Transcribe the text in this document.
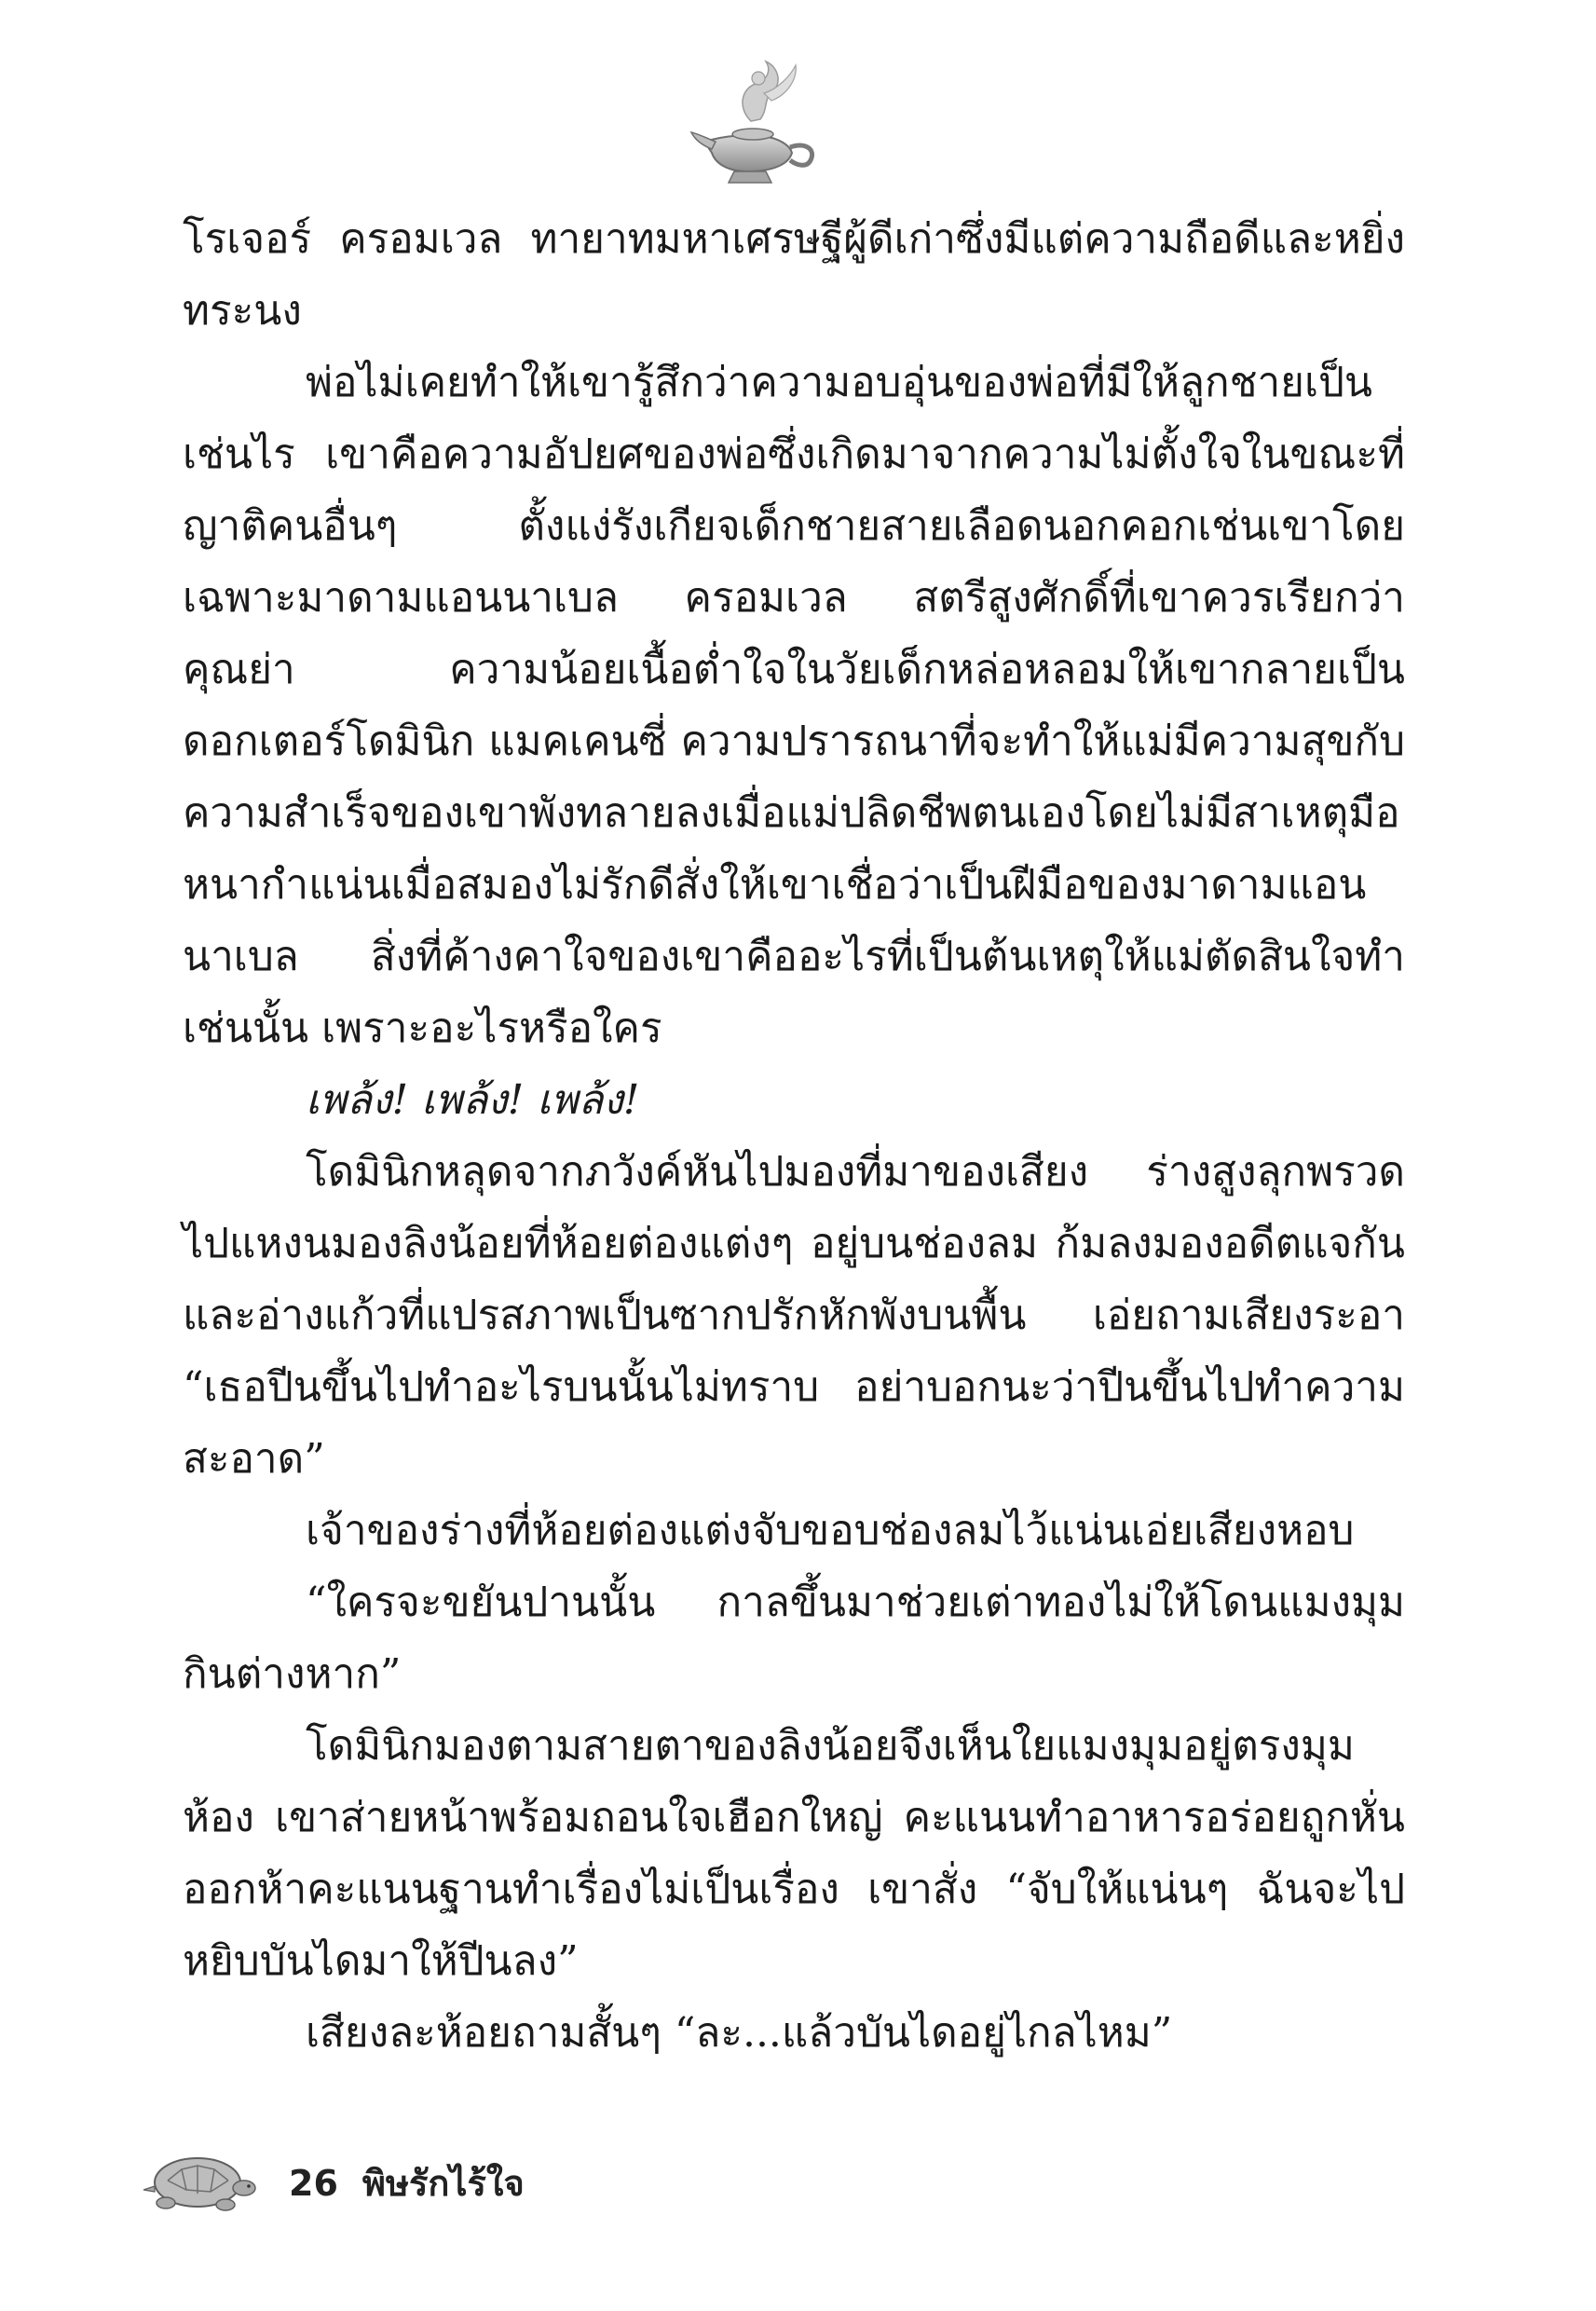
โรเจอร์ ครอมเวล ทายาทมหาเศรษฐีผู้ดีเก่าซึ่งมีแต่ความถือดีและหยิ่งทระนง

พ่อไม่เคยทำให้เขารู้สึกว่าความอบอุ่นของพ่อที่มีให้ลูกชายเป็นเช่นไร เขาคือความอัปยศของพ่อซึ่งเกิดมาจากความไม่ตั้งใจในขณะที่ญาติคนอื่นๆ ตั้งแง่รังเกียจเด็กชายสายเลือดนอกคอกเช่นเขาโดยเฉพาะมาดามแอนนาเบล ครอมเวล สตรีสูงศักดิ์ที่เขาควรเรียกว่าคุณย่า ความน้อยเนื้อต่ำใจในวัยเด็กหล่อหลอมให้เขากลายเป็นดอกเตอร์โดมินิก แมคเคนซี่ ความปรารถนาที่จะทำให้แม่มีความสุขกับความสำเร็จของเขาพังทลายลงเมื่อแม่ปลิดชีพตนเองโดยไม่มีสาเหตุมือหนากำแน่นเมื่อสมองไม่รักดีสั่งให้เขาเชื่อว่าเป็นฝีมือของมาดามแอนนาเบล สิ่งที่ค้างคาใจของเขาคืออะไรที่เป็นต้นเหตุให้แม่ตัดสินใจทำเช่นนั้น เพราะอะไรหรือใคร

เพล้ง! เพล้ง! เพล้ง!

โดมินิกหลุดจากภวังค์หันไปมองที่มาของเสียง ร่างสูงลุกพรวดไปแหงนมองลิงน้อยที่ห้อยต่องแต่งๆ อยู่บนช่องลม ก้มลงมองอดีตแจกันและอ่างแก้วที่แปรสภาพเป็นซากปรักหักพังบนพื้น เอ่ยถามเสียงระอา “เธอปีนขึ้นไปทำอะไรบนนั้นไม่ทราบ อย่าบอกนะว่าปีนขึ้นไปทำความสะอาด”

เจ้าของร่างที่ห้อยต่องแต่งจับขอบช่องลมไว้แน่นเอ่ยเสียงหอบ

“ใครจะขยันปานนั้น กาลขึ้นมาช่วยเต่าทองไม่ให้โดนแมงมุมกินต่างหาก”

โดมินิกมองตามสายตาของลิงน้อยจึงเห็นใยแมงมุมอยู่ตรงมุมห้อง เขาส่ายหน้าพร้อมถอนใจเฮือกใหญ่ คะแนนทำอาหารอร่อยถูกหั่นออกห้าคะแนนฐานทำเรื่องไม่เป็นเรื่อง เขาสั่ง “จับให้แน่นๆ ฉันจะไปหยิบบันไดมาให้ปีนลง”

เสียงละห้อยถามสั้นๆ “ละ...แล้วบันไดอยู่ไกลไหม”

26 พิษรักไร้ใจ
